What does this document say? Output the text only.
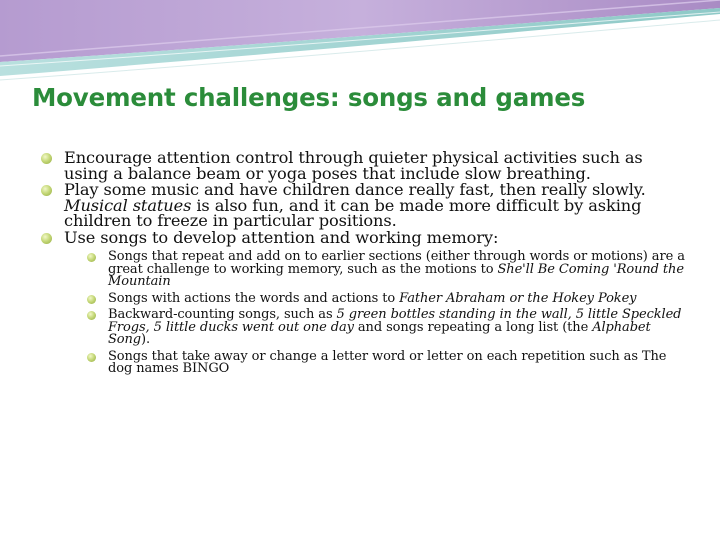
Movement challenges: songs and games
Encourage attention control through quieter physical activities such as using a balance beam or yoga poses that include slow breathing.
Play some music and have children dance really fast, then really slowly. Musical statues is also fun, and it can be made more difficult by asking children to freeze in particular positions.
Use songs to develop attention and working memory:
Songs that repeat and add on to earlier sections (either through words or motions) are a great challenge to working memory, such as the motions to She'll Be Coming 'Round the Mountain
Songs with actions the words and actions to Father Abraham or the Hokey Pokey
Backward-counting songs, such as 5 green bottles standing in the wall, 5 little Speckled Frogs, 5 little ducks went out one day and songs repeating a long list (the Alphabet Song).
Songs that take away or change a letter word or letter on each repetition such as The dog names BINGO
